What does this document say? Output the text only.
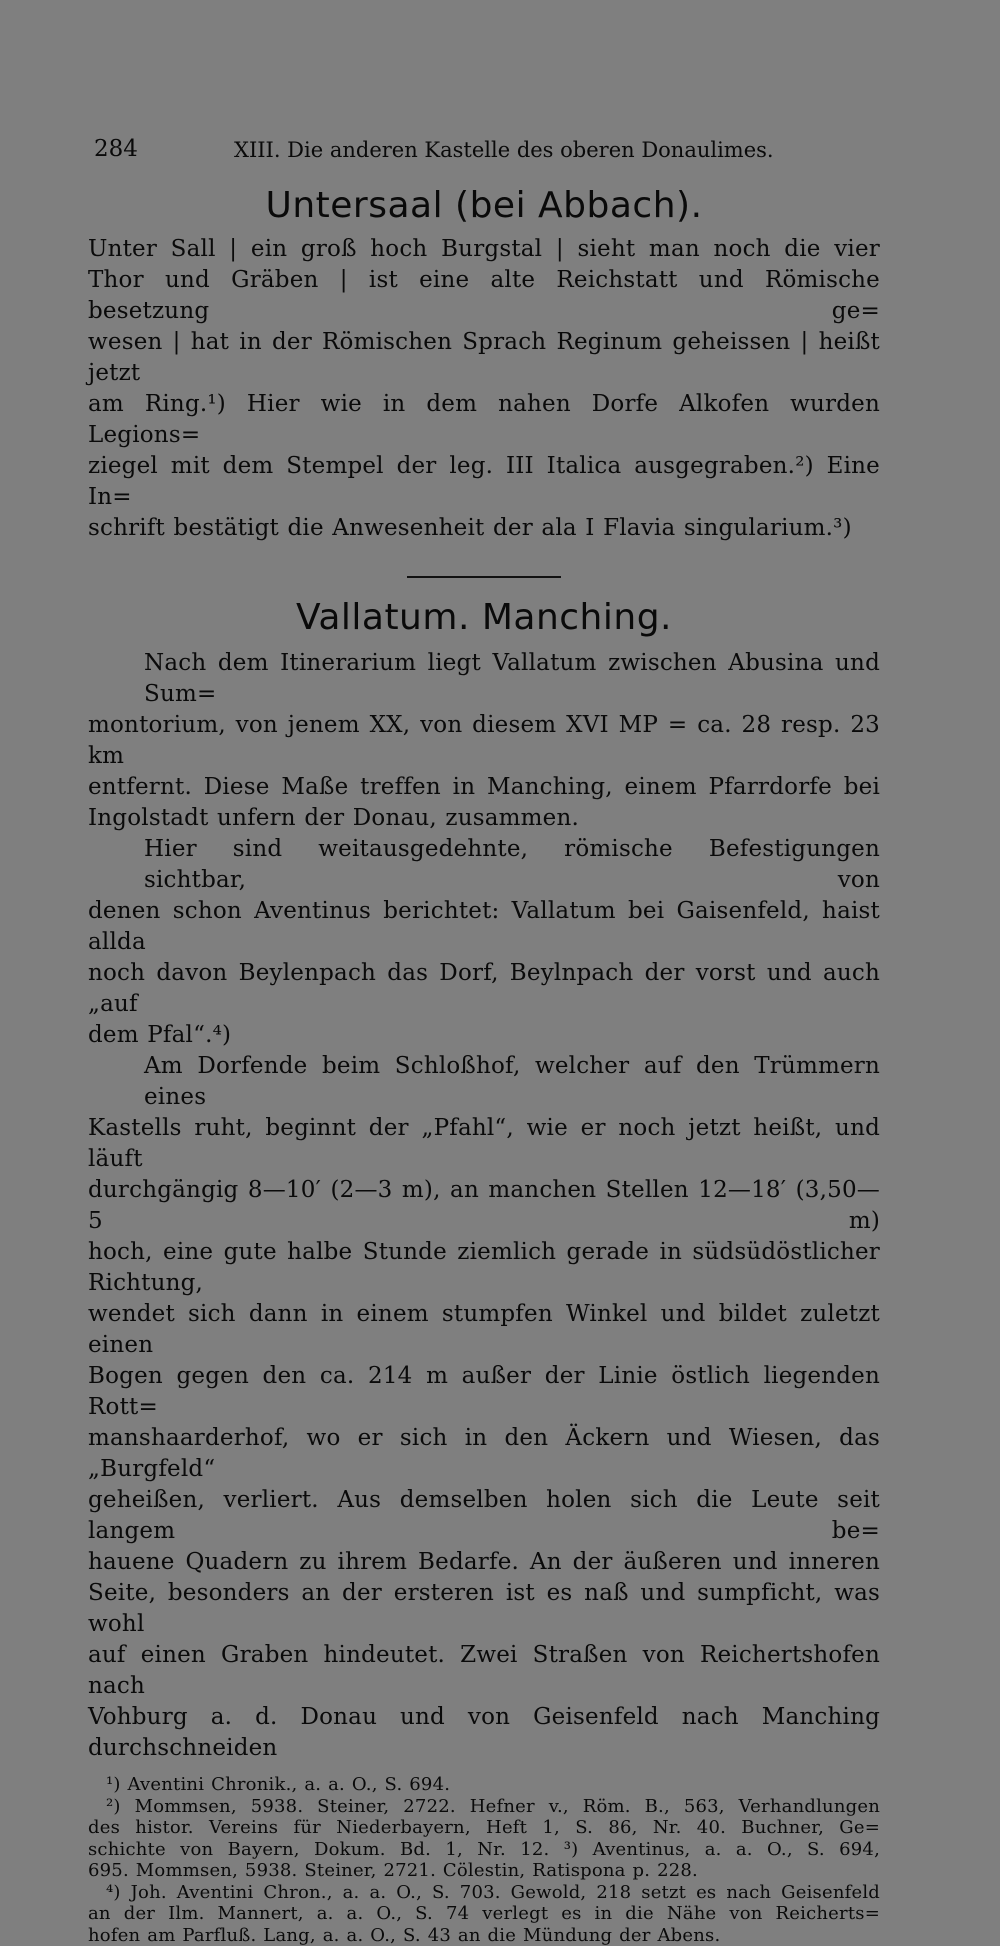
284	XIII. Die anderen Kastelle des oberen Donaulimes.
Untersaal (bei Abbach).

Unter Sall | ein groß hoch Burgstal | sieht man noch die vier

Thor und Gräben | ist eine alte Reichstatt und Römische besetzung ge=

wesen | hat in der Römischen Sprach Reginum geheissen | heißt jetzt

am Ring.¹) Hier wie in dem nahen Dorfe Alkofen wurden Legions=

ziegel mit dem Stempel der leg. III Italica ausgegraben.²) Eine In=

schrift bestätigt die Anwesenheit der ala I Flavia singularium.³)

Vallatum. Manching.

Nach dem Itinerarium liegt Vallatum zwischen Abusina und Sum=

montorium, von jenem XX, von diesem XVI MP = ca. 28 resp. 23 km

entfernt. Diese Maße treffen in Manching, einem Pfarrdorfe bei

Ingolstadt unfern der Donau, zusammen.

Hier sind weitausgedehnte, römische Befestigungen sichtbar, von

denen schon Aventinus berichtet: Vallatum bei Gaisenfeld, haist allda

noch davon Beylenpach das Dorf, Beylnpach der vorst und auch „auf

dem Pfal“.⁴)

Am Dorfende beim Schloßhof, welcher auf den Trümmern eines

Kastells ruht, beginnt der „Pfahl“, wie er noch jetzt heißt, und läuft

durchgängig 8—10′ (2—3 m), an manchen Stellen 12—18′ (3,50—5 m)

hoch, eine gute halbe Stunde ziemlich gerade in südsüdöstlicher Richtung,

wendet sich dann in einem stumpfen Winkel und bildet zuletzt einen

Bogen gegen den ca. 214 m außer der Linie östlich liegenden Rott=

manshaarderhof, wo er sich in den Äckern und Wiesen, das „Burgfeld“

geheißen, verliert. Aus demselben holen sich die Leute seit langem be=

hauene Quadern zu ihrem Bedarfe. An der äußeren und inneren

Seite, besonders an der ersteren ist es naß und sumpficht, was wohl

auf einen Graben hindeutet. Zwei Straßen von Reichertshofen nach

Vohburg a. d. Donau und von Geisenfeld nach Manching durchschneiden

¹) Aventini Chronik., a. a. O., S. 694.

²) Mommsen, 5938. Steiner, 2722. Hefner v., Röm. B., 563, Verhandlungen

des histor. Vereins für Niederbayern, Heft 1, S. 86, Nr. 40. Buchner, Ge=

schichte von Bayern, Dokum. Bd. 1, Nr. 12. ³) Aventinus, a. a. O., S. 694,

695. Mommsen, 5938. Steiner, 2721. Cölestin, Ratispona p. 228.

⁴) Joh. Aventini Chron., a. a. O., S. 703. Gewold, 218 setzt es nach Geisenfeld

an der Ilm. Mannert, a. a. O., S. 74 verlegt es in die Nähe von Reicherts=

hofen am Parfluß. Lang, a. a. O., S. 43 an die Mündung der Abens.
